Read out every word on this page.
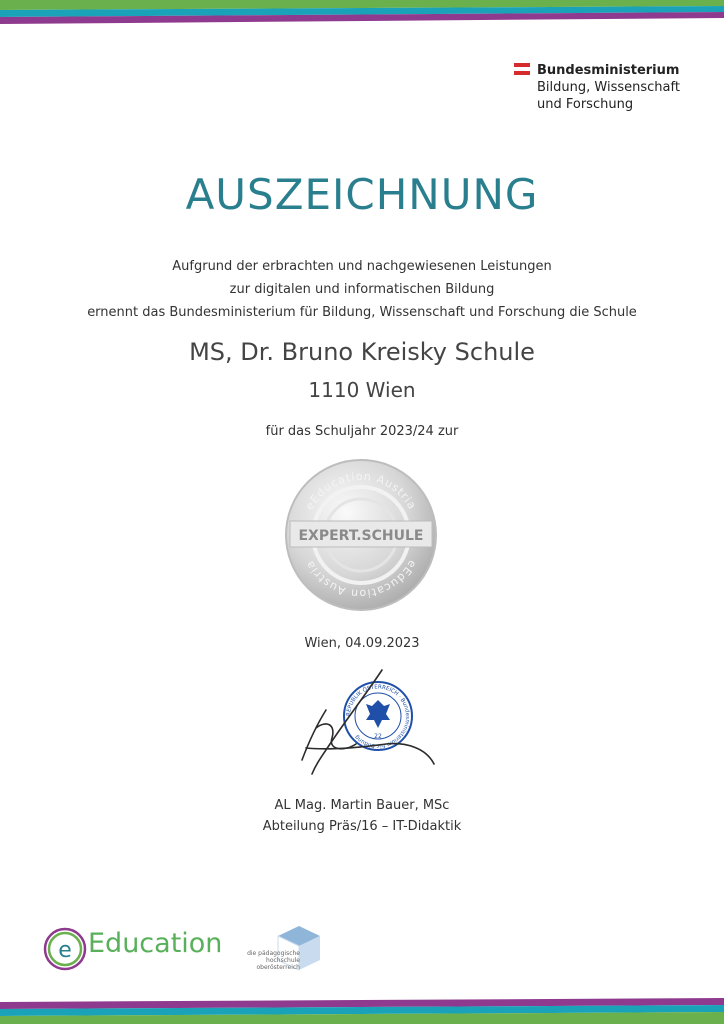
Bundesministerium
Bildung, Wissenschaft
und Forschung
AUSZEICHNUNG
Aufgrund der erbrachten und nachgewiesenen Leistungen
zur digitalen und informatischen Bildung
ernennt das Bundesministerium für Bildung, Wissenschaft und Forschung die Schule
MS, Dr. Bruno Kreisky Schule
1110 Wien
für das Schuljahr 2023/24 zur
eEducation Austria
eEducation Austria
EXPERT.SCHULE
Wien, 04.09.2023
REPUBLIK ÖSTERREICH · Bundesministerium für Bildung	22
AL Mag. Martin Bauer, MSc
Abteilung Präs/16 – IT-Didaktik
e Education	die pädagogische
hochschule
oberösterreich
